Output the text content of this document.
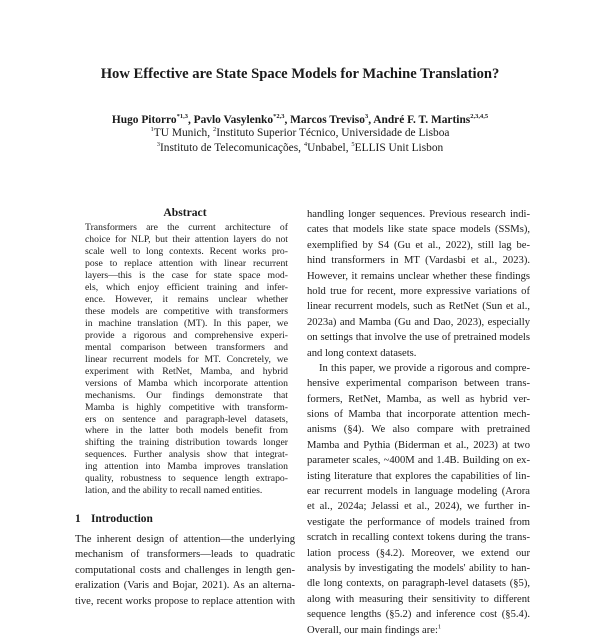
How Effective are State Space Models for Machine Translation?
Hugo Pitorro$^{*1,3}$, Pavlo Vasylenko$^{*2,3}$, Marcos Treviso$^3$, André F. T. Martins$^{2,3,4,5}$
$^1$TU Munich, $^2$Instituto Superior Técnico, Universidade de Lisboa
$^3$Instituto de Telecomunicações, $^4$Unbabel, $^5$ELLIS Unit Lisbon
Abstract
Transformers are the current architecture of
choice for NLP, but their attention layers do not
scale well to long contexts. Recent works pro-
pose to replace attention with linear recurrent
layers—this is the case for state space mod-
els, which enjoy efficient training and infer-
ence. However, it remains unclear whether
these models are competitive with transformers
in machine translation (MT). In this paper, we
provide a rigorous and comprehensive experi-
mental comparison between transformers and
linear recurrent models for MT. Concretely, we
experiment with RetNet, Mamba, and hybrid
versions of Mamba which incorporate attention
mechanisms. Our findings demonstrate that
Mamba is highly competitive with transform-
ers on sentence and paragraph-level datasets,
where in the latter both models benefit from
shifting the training distribution towards longer
sequences. Further analysis show that integrat-
ing attention into Mamba improves translation
quality, robustness to sequence length extrapo-
lation, and the ability to recall named entities.
1 Introduction
The inherent design of attention—the underlying
mechanism of transformers—leads to quadratic
computational costs and challenges in length gen-
eralization (Varis and Bojar, 2021). As an alterna-
tive, recent works propose to replace attention with
handling longer sequences. Previous research indi-
cates that models like state space models (SSMs),
exemplified by S4 (Gu et al., 2022), still lag be-
hind transformers in MT (Vardasbi et al., 2023).
However, it remains unclear whether these findings
hold true for recent, more expressive variations of
linear recurrent models, such as RetNet (Sun et al.,
2023a) and Mamba (Gu and Dao, 2023), especially
on settings that involve the use of pretrained models
and long context datasets.
In this paper, we provide a rigorous and compre-
hensive experimental comparison between trans-
formers, RetNet, Mamba, as well as hybrid ver-
sions of Mamba that incorporate attention mech-
anisms (§4). We also compare with pretrained
Mamba and Pythia (Biderman et al., 2023) at two
parameter scales, ~400M and 1.4B. Building on ex-
isting literature that explores the capabilities of lin-
ear recurrent models in language modeling (Arora
et al., 2024a; Jelassi et al., 2024), we further in-
vestigate the performance of models trained from
scratch in recalling context tokens during the trans-
lation process (§4.2). Moreover, we extend our
analysis by investigating the models' ability to han-
dle long contexts, on paragraph-level datasets (§5),
along with measuring their sensitivity to different
sequence lengths (§5.2) and inference cost (§5.4).
Overall, our main findings are:$^1$
